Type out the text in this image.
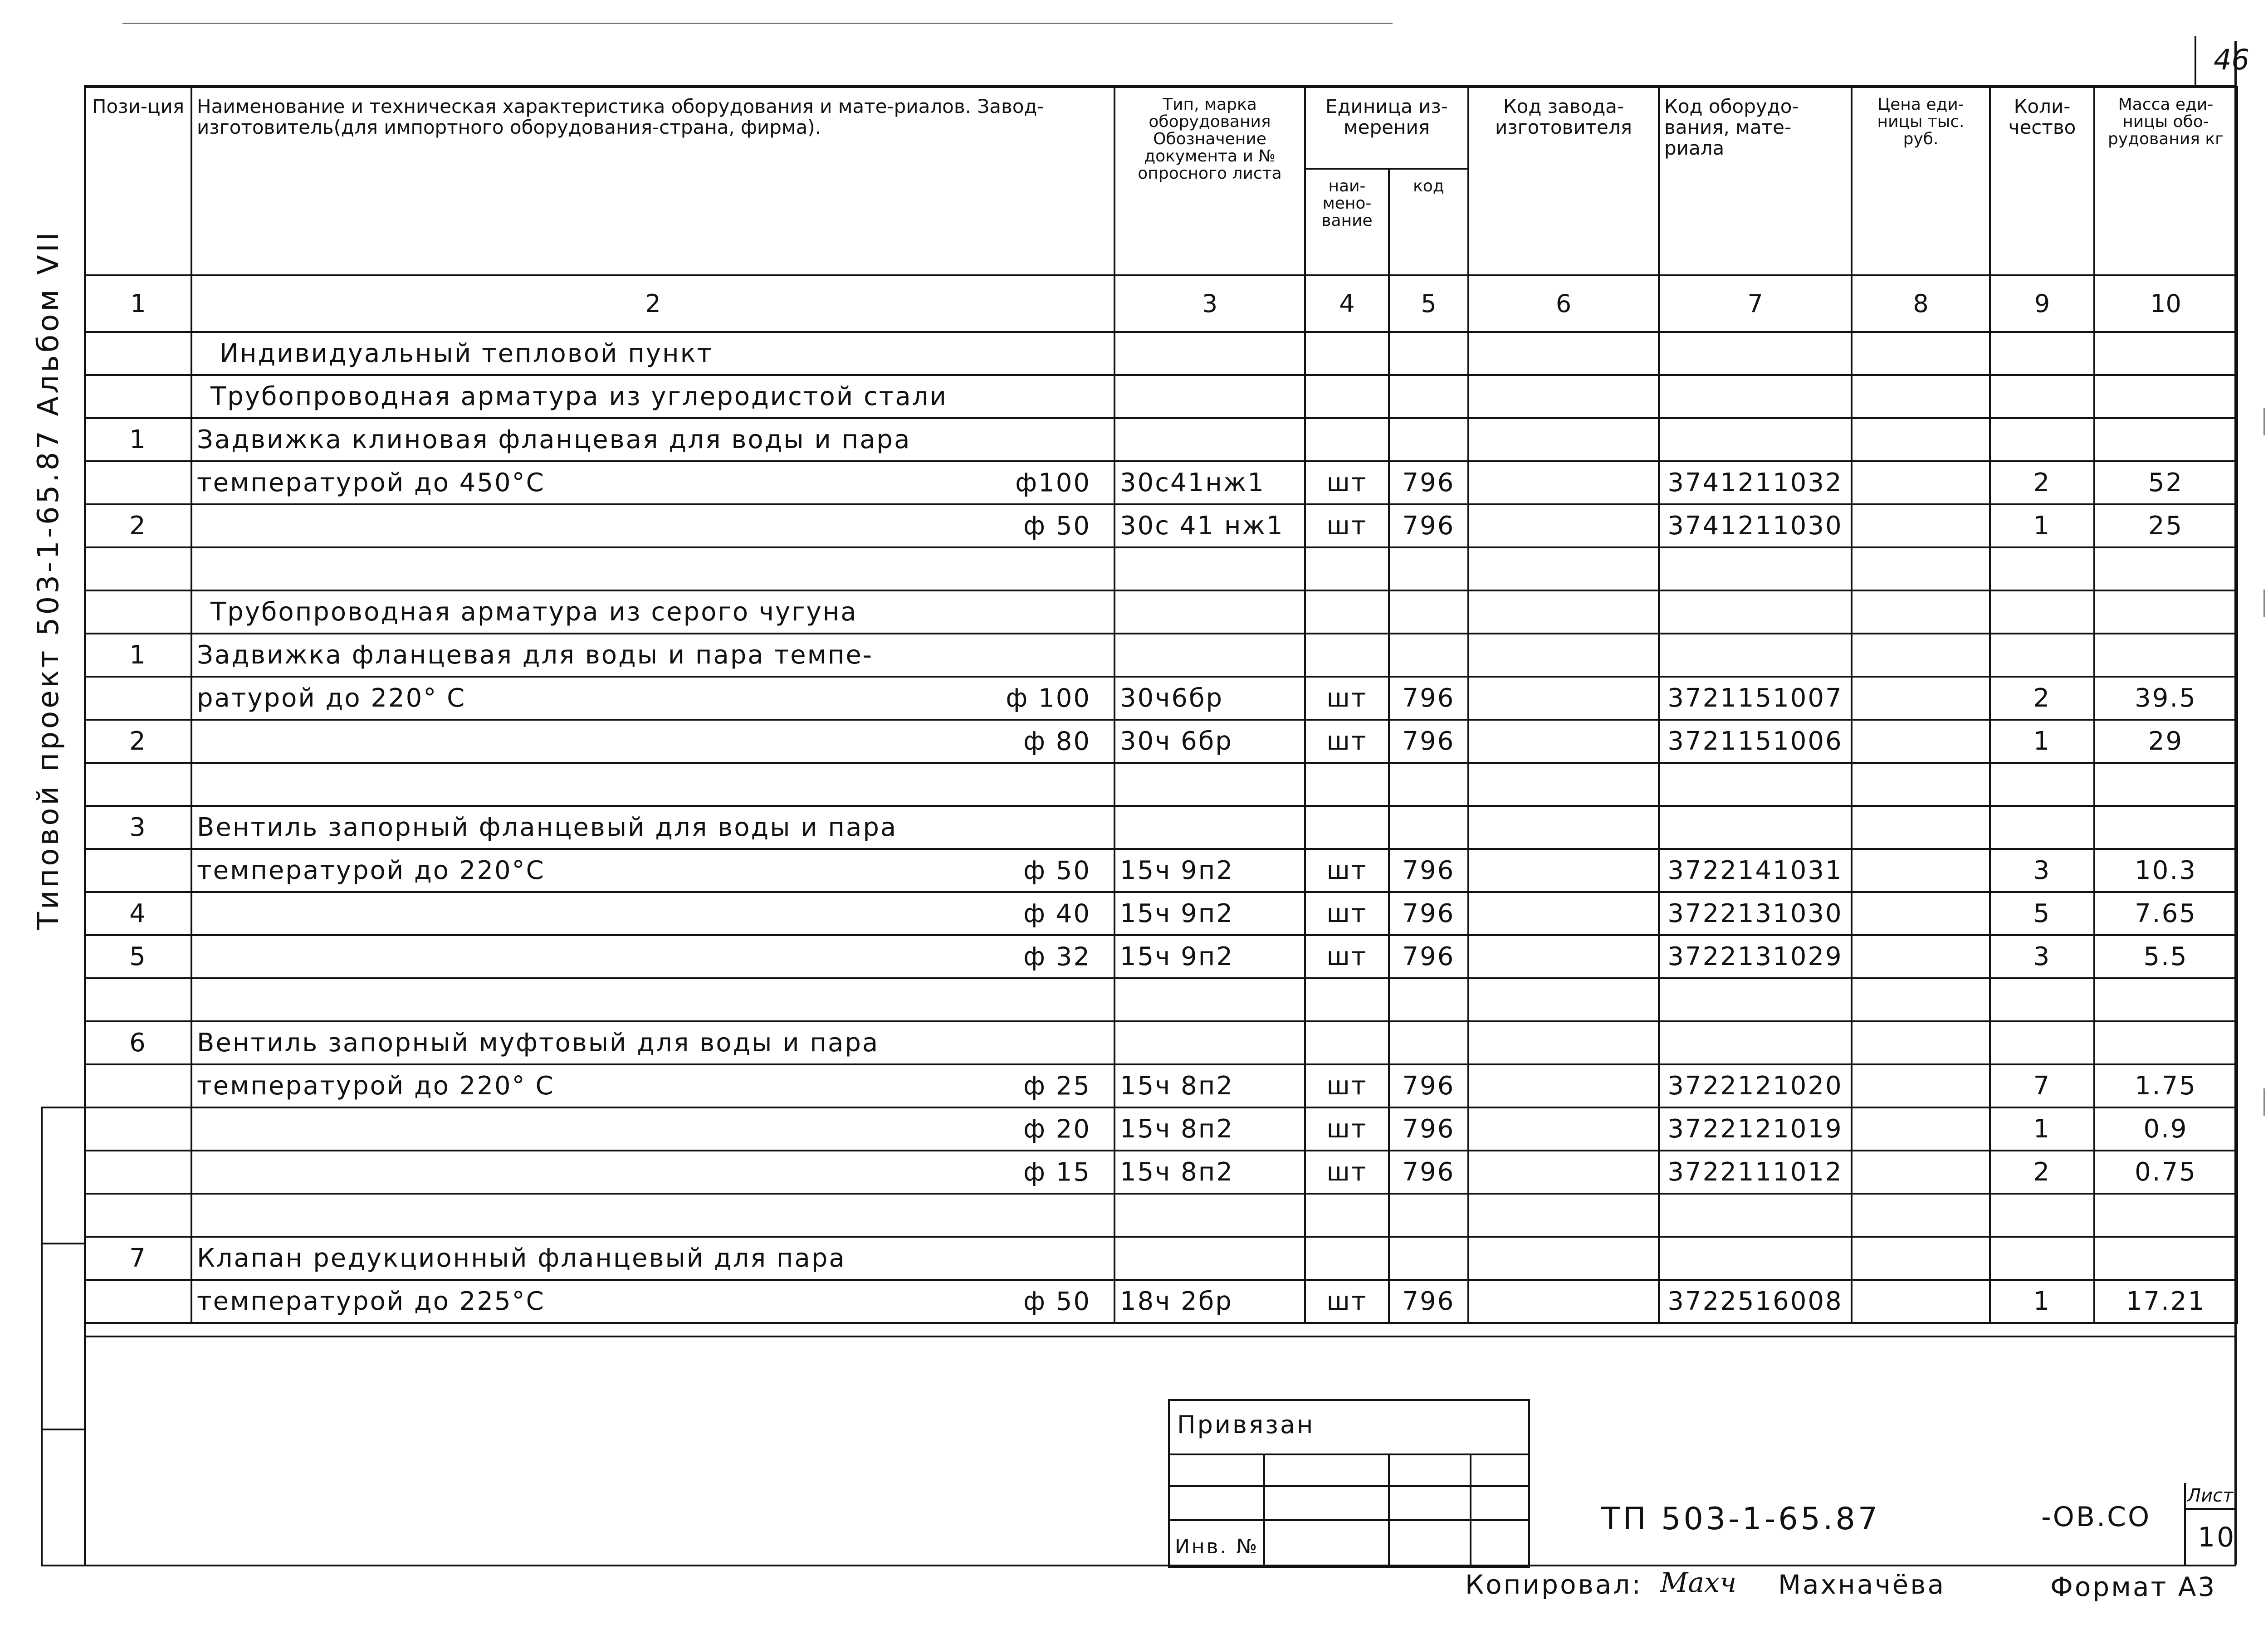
46
Типовой проект 503-1-65.87 Альбом VII
Пози-ция	Наименование и техническая характеристика оборудования и мате-риалов. Завод-изготовитель(для импортного оборудования-страна, фирма).	Тип, марка оборудования Обозначение документа и № опросного листа	Единица из-мерения		Код завода-изготовителя	Код оборудо-вания, мате-риала	Цена еди-ницы тыс. руб.	Коли-чество	Масса еди-ницы обо-рудования кг
			наи-мено-вание	код					
1	2	3	4	5	6	7	8	9	10
	Индивидуальный тепловой пункт								
	Трубопроводная арматура из углеродистой стали								
1	Задвижка клиновая фланцевая для воды и пара								
	температурой до 450°С ф100	30с41нж1	шт	796		3741211032		2	52
2	ф 50	30с 41 нж1	шт	796		3741211030		1	25

	Трубопроводная арматура из серого чугуна								
1	Задвижка фланцевая для воды и пара темпе-								
	ратурой до 220° С ф 100	30ч6бр	шт	796		3721151007		2	39.5
2	ф 80	30ч 6бр	шт	796		3721151006		1	29

3	Вентиль запорный фланцевый для воды и пара								
	температурой до 220°С ф 50	15ч 9п2	шт	796		3722141031		3	10.3
4	ф 40	15ч 9п2	шт	796		3722131030		5	7.65
5	ф 32	15ч 9п2	шт	796		3722131029		3	5.5

6	Вентиль запорный муфтовый для воды и пара								
	температурой до 220° С ф 25	15ч 8п2	шт	796		3722121020		7	1.75

	ф 20	15ч 8п2	шт	796		3722121019		1	0.9

	ф 15	15ч 8п2	шт	796		3722111012		2	0.75

7	Клапан редукционный фланцевый для пара								
	температурой до 225°С ф 50	18ч 2бр	шт	796		3722516008		1	17.21
Привязан
Инв. №
ТП 503-1-65.87	-ОВ.СО
Лист
10
Копировал: Махч Махначёва	Формат А3
